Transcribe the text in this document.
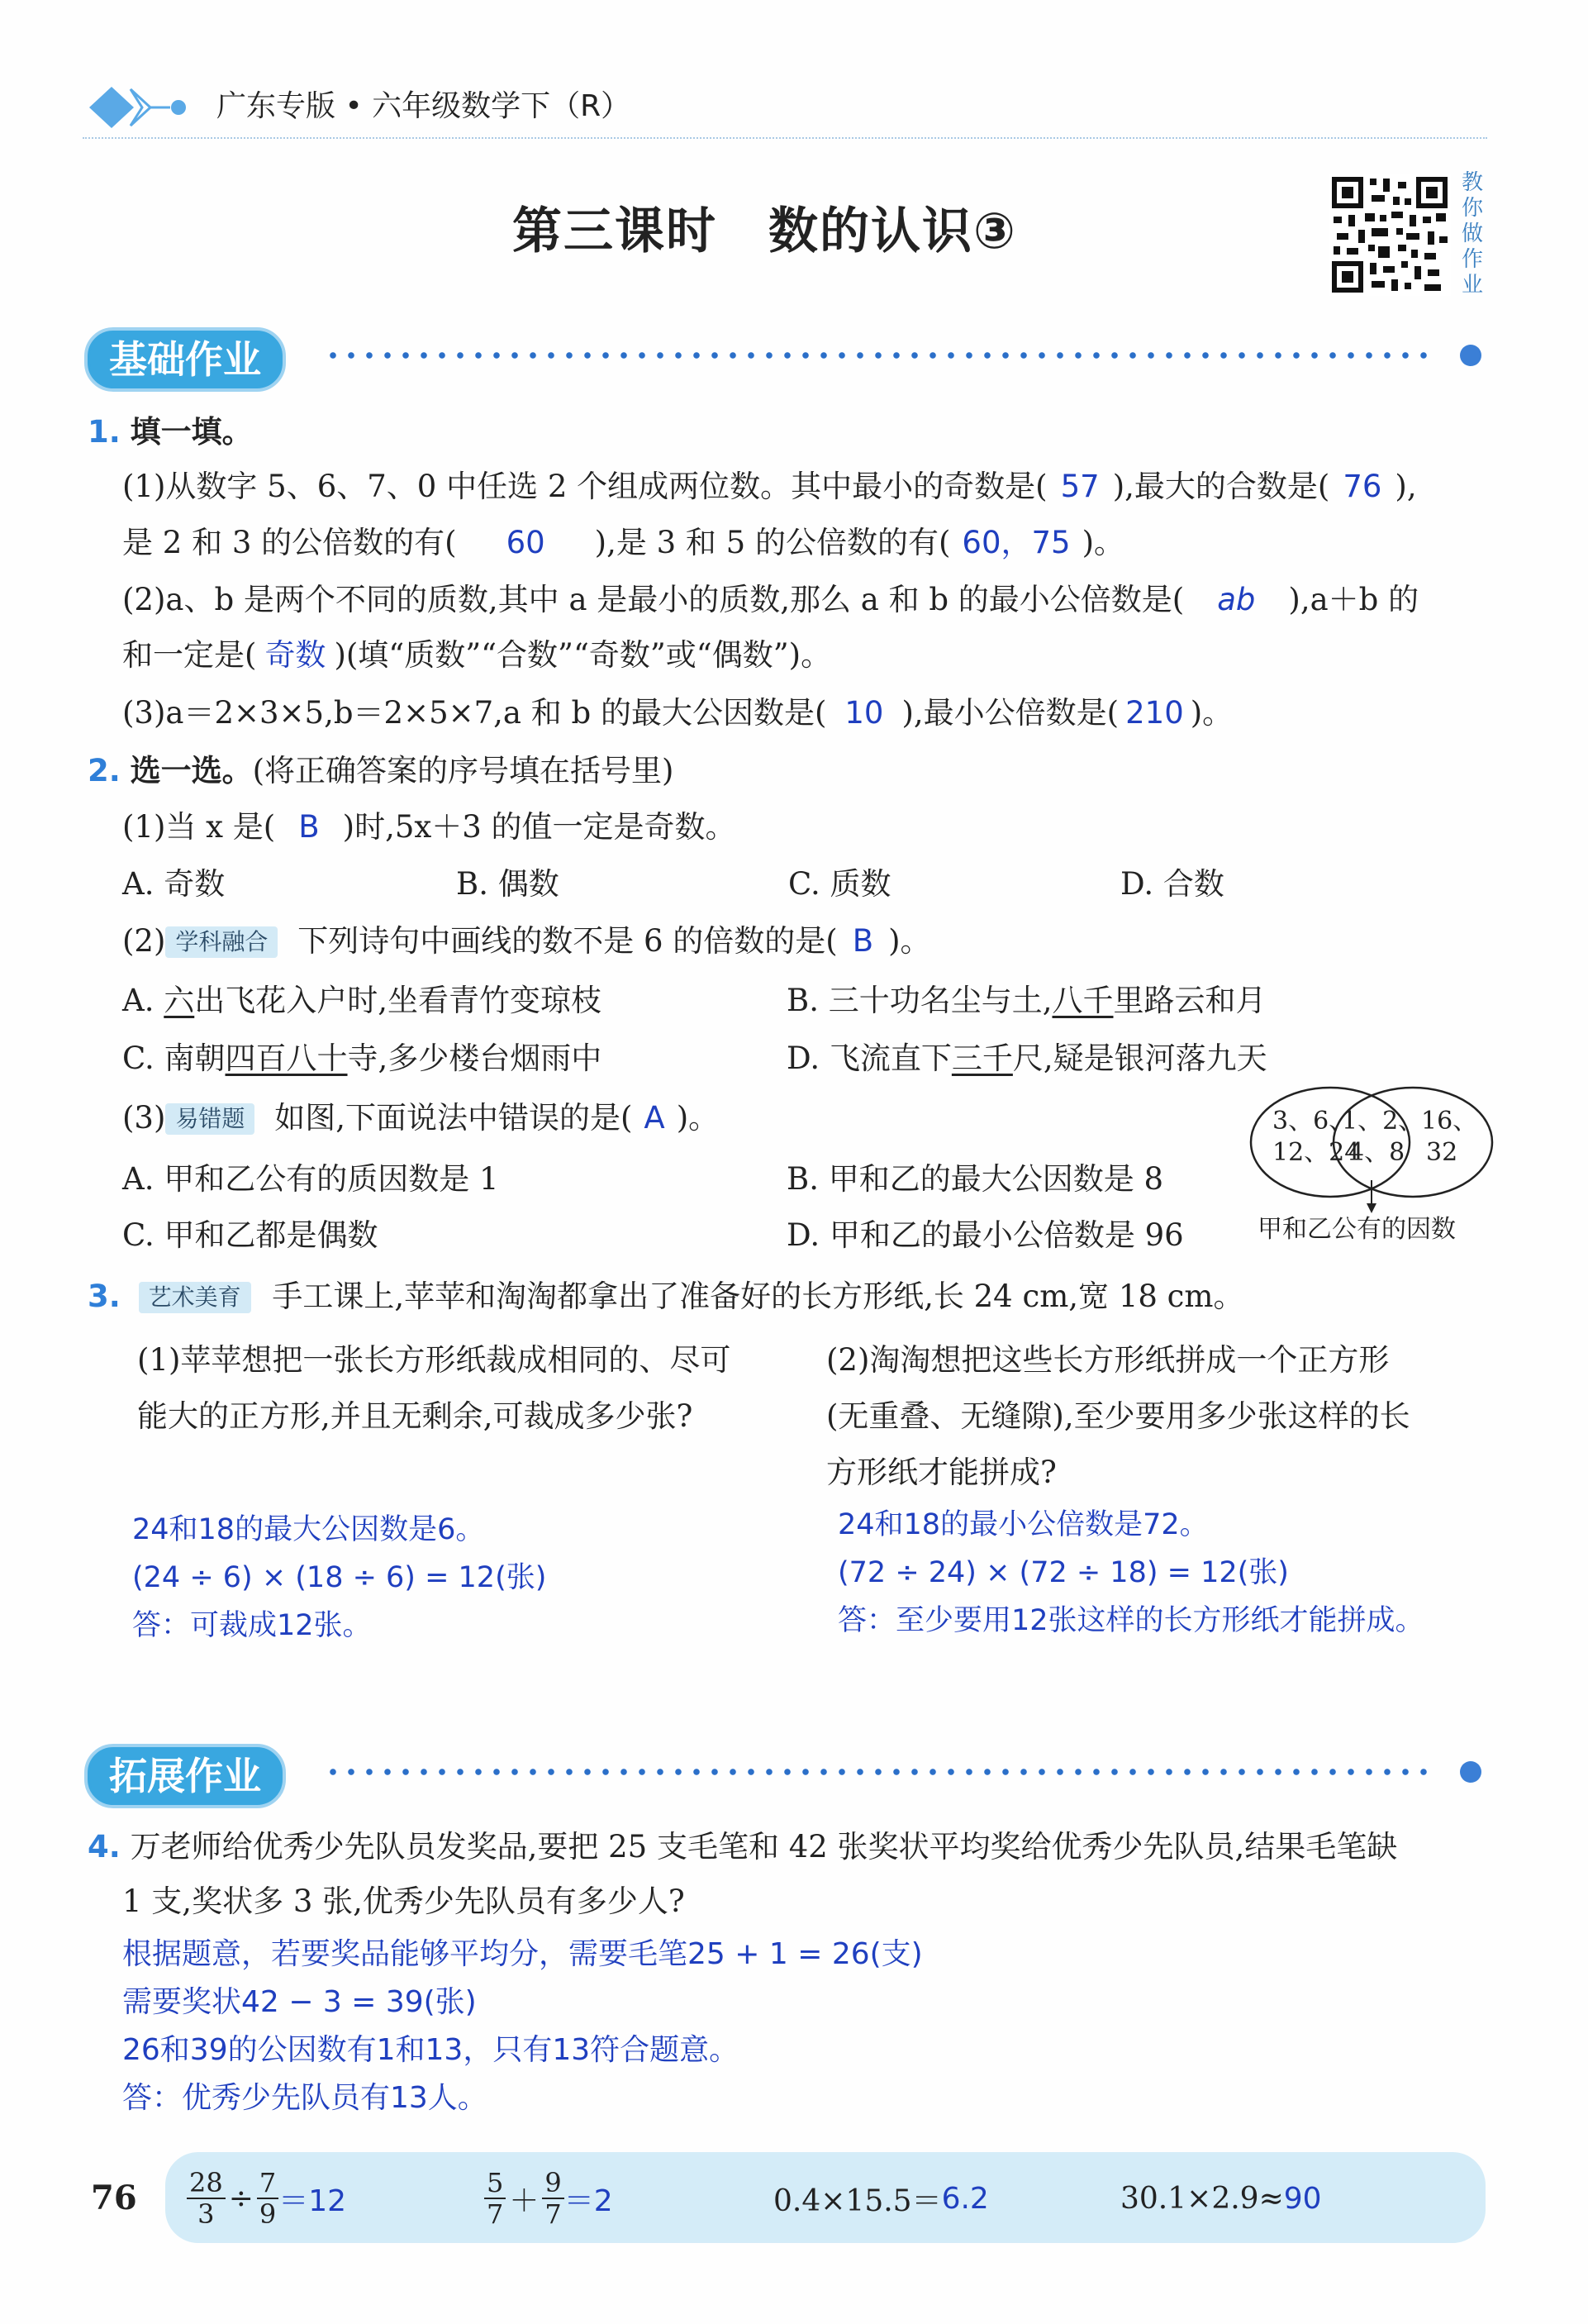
广东专版 • 六年级数学下（R）
第三课时　数的认识③
教
你
做
作
业
基础作业
1. 填一填。
(1)从数字 5、6、7、0 中任选 2 个组成两位数。其中最小的奇数是( 57 ),最大的合数是( 76 ),
是 2 和 3 的公倍数的有( 60 ),是 3 和 5 的公倍数的有( 60，75 )。
(2)a、b 是两个不同的质数,其中 a 是最小的质数,那么 a 和 b 的最小公倍数是( ab ),a＋b 的
和一定是( 奇数 )(填“质数”“合数”“奇数”或“偶数”)。
(3)a＝2×3×5,b＝2×5×7,a 和 b 的最大公因数是( 10 ),最小公倍数是( 210 )。
2. 选一选。(将正确答案的序号填在括号里)
(1)当 x 是( B )时,5x＋3 的值一定是奇数。
A. 奇数	B. 偶数	C. 质数	D. 合数
(2) 学科融合 下列诗句中画线的数不是 6 的倍数的是( B )。
A. 六出飞花入户时,坐看青竹变琼枝	B. 三十功名尘与土,八千里路云和月
C. 南朝四百八十寺,多少楼台烟雨中	D. 飞流直下三千尺,疑是银河落九天
(3) 易错题 如图,下面说法中错误的是( A )。
A. 甲和乙公有的质因数是 1	B. 甲和乙的最大公因数是 8
C. 甲和乙都是偶数	D. 甲和乙的最小公倍数是 96
3、6、
12、24
1、2、
4、8
16、
32
甲和乙公有的因数
3. 艺术美育 手工课上,苹苹和淘淘都拿出了准备好的长方形纸,长 24 cm,宽 18 cm。
(1)苹苹想把一张长方形纸裁成相同的、尽可
能大的正方形,并且无剩余,可裁成多少张?
(2)淘淘想把这些长方形纸拼成一个正方形
(无重叠、无缝隙),至少要用多少张这样的长
方形纸才能拼成?
24和18的最大公因数是6。
(24 ÷ 6) × (18 ÷ 6) = 12(张)
答：可裁成12张。
24和18的最小公倍数是72。
(72 ÷ 24) × (72 ÷ 18) = 12(张)
答：至少要用12张这样的长方形纸才能拼成。
拓展作业
4. 万老师给优秀少先队员发奖品,要把 25 支毛笔和 42 张奖状平均奖给优秀少先队员,结果毛笔缺
1 支,奖状多 3 张,优秀少先队员有多少人?
根据题意，若要奖品能够平均分，需要毛笔25 + 1 = 26(支)
需要奖状42 − 3 = 39(张)
26和39的公因数有1和13，只有13符合题意。
答：优秀少先队员有13人。
$76 \frac{28}{3} \div \frac{7}{9} =12$	$\frac{5}{7} + \frac{9}{7} =2$	0.4×15.5＝ 6.2	30.1×2.9≈ 90
